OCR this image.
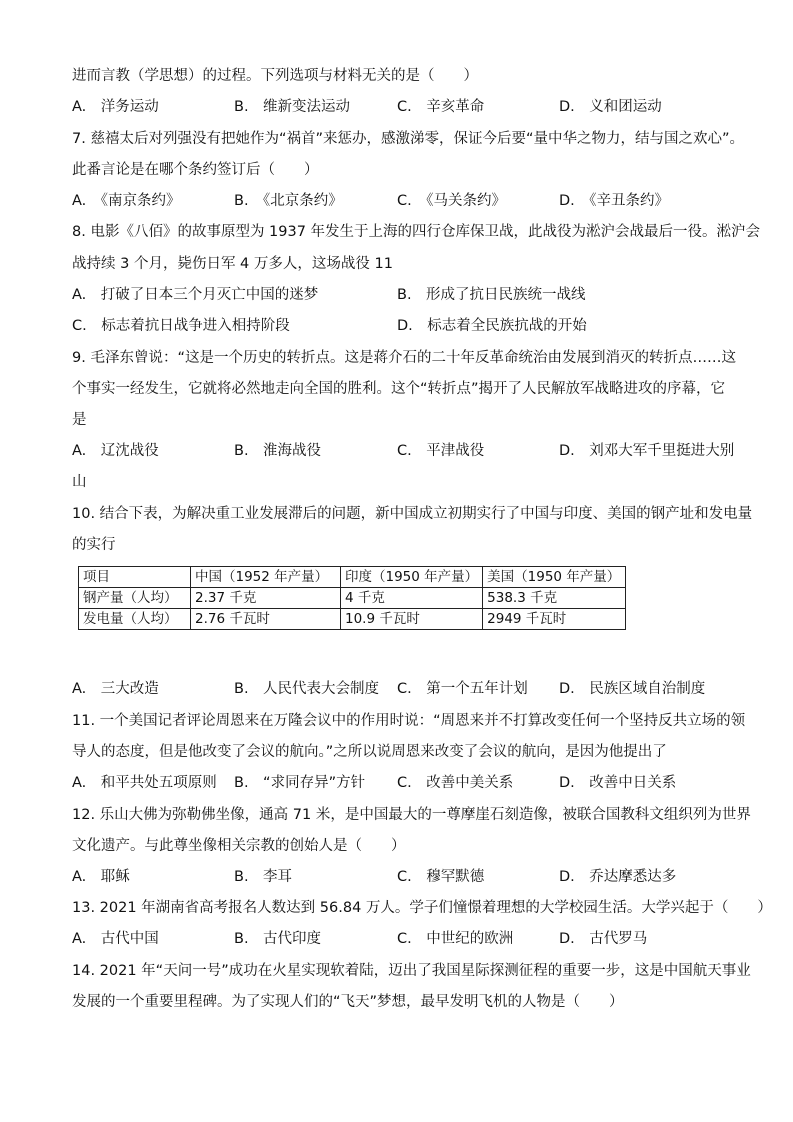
进而言教（学思想）的过程。下列选项与材料无关的是（　　）
A.　洋务运动	B.　维新变法运动	C.　辛亥革命	D.　义和团运动
7. 慈禧太后对列强没有把她作为“祸首”来惩办，感激涕零，保证今后要“量中华之物力，结与国之欢心”。
此番言论是在哪个条约签订后（　　）
A.　《南京条约》	B.　《北京条约》	C.　《马关条约》	D.　《辛丑条约》
8. 电影《八佰》的故事原型为 1937 年发生于上海的四行仓库保卫战，此战役为淞沪会战最后一役。淞沪会
战持续 3 个月，毙伤日军 4 万多人，这场战役 11
A.　打破了日本三个月灭亡中国的迷梦	B.　形成了抗日民族统一战线
C.　标志着抗日战争进入相持阶段	D.　标志着全民族抗战的开始
9. 毛泽东曾说：“这是一个历史的转折点。这是蒋介石的二十年反革命统治由发展到消灭的转折点……这
个事实一经发生，它就将必然地走向全国的胜利。这个“转折点”揭开了人民解放军战略进攻的序幕，它
是
A.　辽沈战役	B.　淮海战役	C.　平津战役	D.　刘邓大军千里挺进大别
山
10. 结合下表，为解决重工业发展滞后的问题，新中国成立初期实行了中国与印度、美国的钢产址和发电量
的实行
项目	中国（1952 年产量）	印度（1950 年产量）	美国（1950 年产量）
钢产量（人均）	2.37 千克	4 千克	538.3 千克
发电量（人均）	2.76 千瓦时	10.9 千瓦时	2949 千瓦时
A.　三大改造	B.　人民代表大会制度 C.　第一个五年计划 D.　民族区域自治制度
11. 一个美国记者评论周恩来在万隆会议中的作用时说：“周恩来并不打算改变任何一个坚持反共立场的领
导人的态度，但是他改变了会议的航向。”之所以说周恩来改变了会议的航向，是因为他提出了
A.　和平共处五项原则 B.　“求同存异”方针 C.　改善中美关系	D.　改善中日关系
12. 乐山大佛为弥勒佛坐像，通高 71 米，是中国最大的一尊摩崖石刻造像，被联合国教科文组织列为世界
文化遗产。与此尊坐像相关宗教的创始人是（　　）
A.　耶稣	B.　李耳	C.　穆罕默德	D.　乔达摩悉达多
13. 2021 年湖南省高考报名人数达到 56.84 万人。学子们憧憬着理想的大学校园生活。大学兴起于（　　）
A.　古代中国	B.　古代印度	C.　中世纪的欧洲	D.　古代罗马
14. 2021 年“天问一号”成功在火星实现软着陆，迈出了我国星际探测征程的重要一步，这是中国航天事业
发展的一个重要里程碑。为了实现人们的“飞天”梦想，最早发明飞机的人物是（　　）
